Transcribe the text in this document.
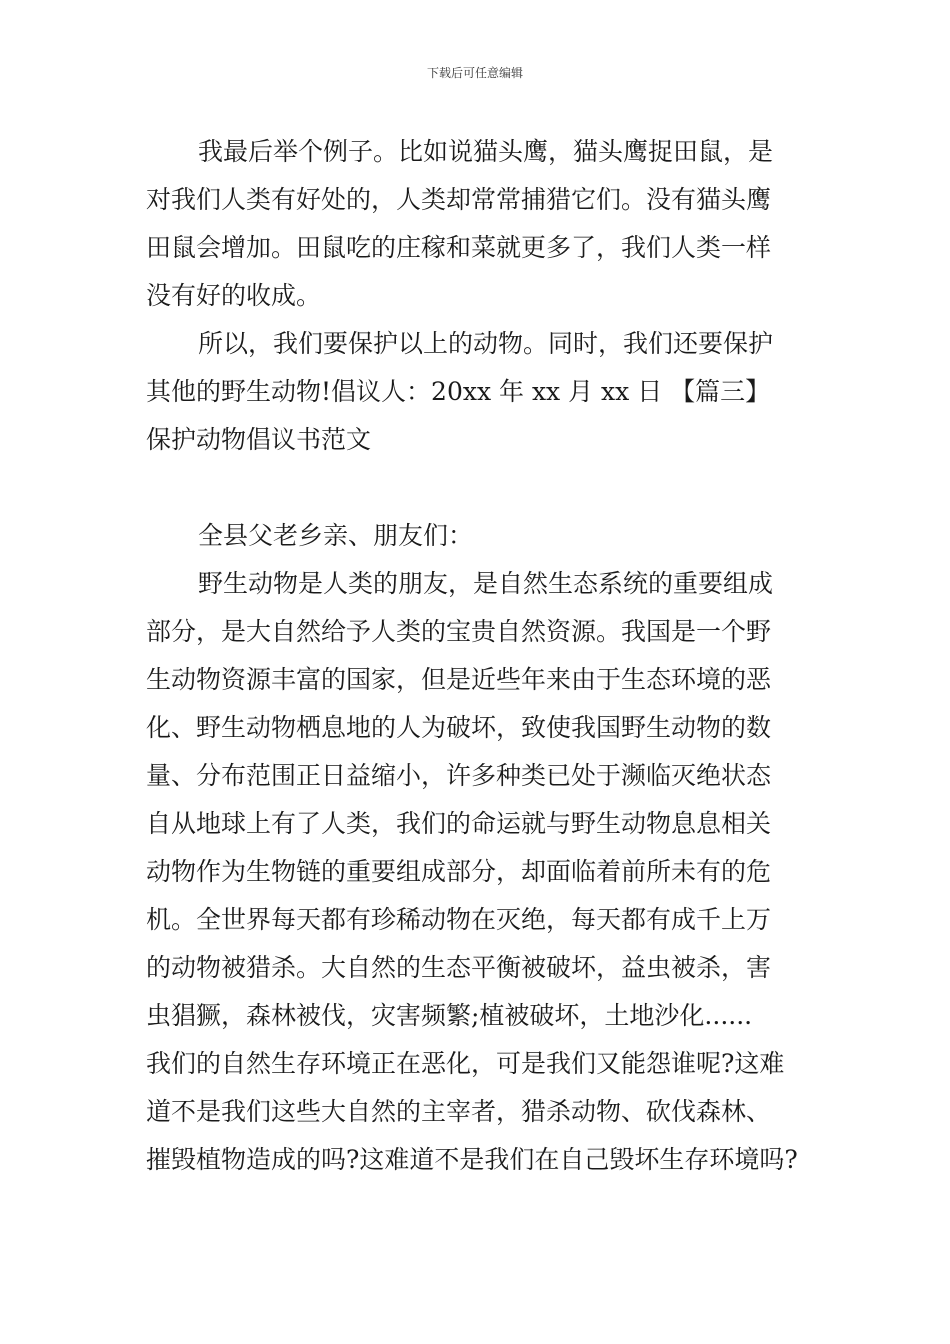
下载后可任意编辑
我最后举个例子。比如说猫头鹰，猫头鹰捉田鼠，是
对我们人类有好处的，人类却常常捕猎它们。没有猫头鹰
田鼠会增加。田鼠吃的庄稼和菜就更多了，我们人类一样
没有好的收成。
所以，我们要保护以上的动物。同时，我们还要保护
其他的野生动物!倡议人：20xx 年 xx 月 xx 日 【篇三】
保护动物倡议书范文
全县父老乡亲、朋友们：
野生动物是人类的朋友，是自然生态系统的重要组成
部分，是大自然给予人类的宝贵自然资源。我国是一个野
生动物资源丰富的国家，但是近些年来由于生态环境的恶
化、野生动物栖息地的人为破坏，致使我国野生动物的数
量、分布范围正日益缩小，许多种类已处于濒临灭绝状态
自从地球上有了人类，我们的命运就与野生动物息息相关
动物作为生物链的重要组成部分，却面临着前所未有的危
机。全世界每天都有珍稀动物在灭绝，每天都有成千上万
的动物被猎杀。大自然的生态平衡被破坏，益虫被杀，害
虫猖獗，森林被伐，灾害频繁;植被破坏，土地沙化......
我们的自然生存环境正在恶化，可是我们又能怨谁呢?这难
道不是我们这些大自然的主宰者，猎杀动物、砍伐森林、
摧毁植物造成的吗?这难道不是我们在自己毁坏生存环境吗?
